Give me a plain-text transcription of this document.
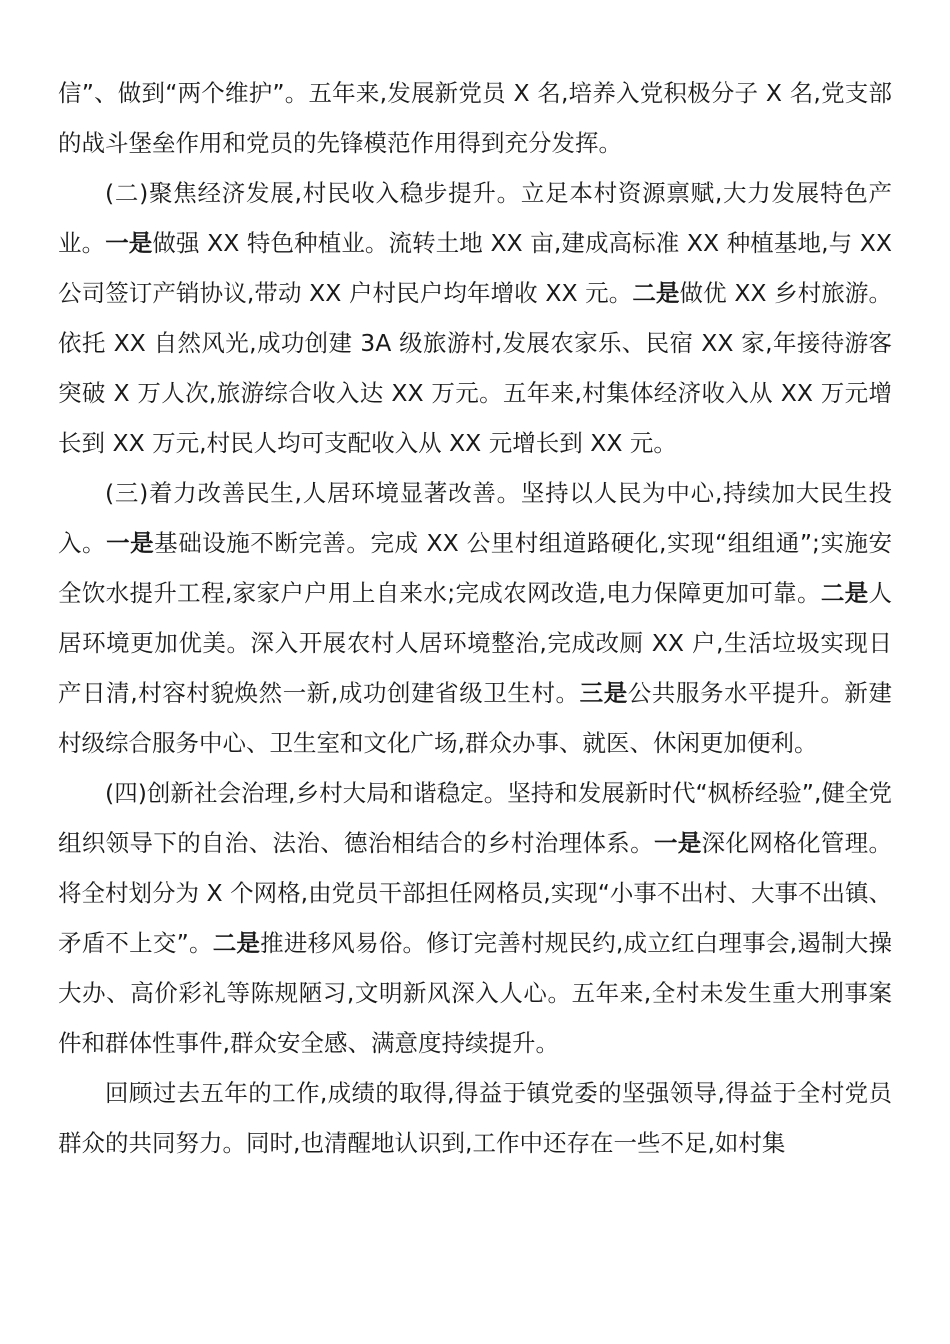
信”、做到“两个维护”。五年来,发展新党员 X 名,培养入党积极分子 X 名,党支部的战斗堡垒作用和党员的先锋模范作用得到充分发挥。

(二)聚焦经济发展,村民收入稳步提升。立足本村资源禀赋,大力发展特色产业。一是做强 XX 特色种植业。流转土地 XX 亩,建成高标准 XX 种植基地,与 XX 公司签订产销协议,带动 XX 户村民户均年增收 XX 元。二是做优 XX 乡村旅游。依托 XX 自然风光,成功创建 3A 级旅游村,发展农家乐、民宿 XX 家,年接待游客突破 X 万人次,旅游综合收入达 XX 万元。五年来,村集体经济收入从 XX 万元增长到 XX 万元,村民人均可支配收入从 XX 元增长到 XX 元。

(三)着力改善民生,人居环境显著改善。坚持以人民为中心,持续加大民生投入。一是基础设施不断完善。完成 XX 公里村组道路硬化,实现“组组通”;实施安全饮水提升工程,家家户户用上自来水;完成农网改造,电力保障更加可靠。二是人居环境更加优美。深入开展农村人居环境整治,完成改厕 XX 户,生活垃圾实现日产日清,村容村貌焕然一新,成功创建省级卫生村。三是公共服务水平提升。新建村级综合服务中心、卫生室和文化广场,群众办事、就医、休闲更加便利。

(四)创新社会治理,乡村大局和谐稳定。坚持和发展新时代“枫桥经验”,健全党组织领导下的自治、法治、德治相结合的乡村治理体系。一是深化网格化管理。将全村划分为 X 个网格,由党员干部担任网格员,实现“小事不出村、大事不出镇、矛盾不上交”。二是推进移风易俗。修订完善村规民约,成立红白理事会,遏制大操大办、高价彩礼等陈规陋习,文明新风深入人心。五年来,全村未发生重大刑事案件和群体性事件,群众安全感、满意度持续提升。

回顾过去五年的工作,成绩的取得,得益于镇党委的坚强领导,得益于全村党员群众的共同努力。同时,也清醒地认识到,工作中还存在一些不足,如村集
